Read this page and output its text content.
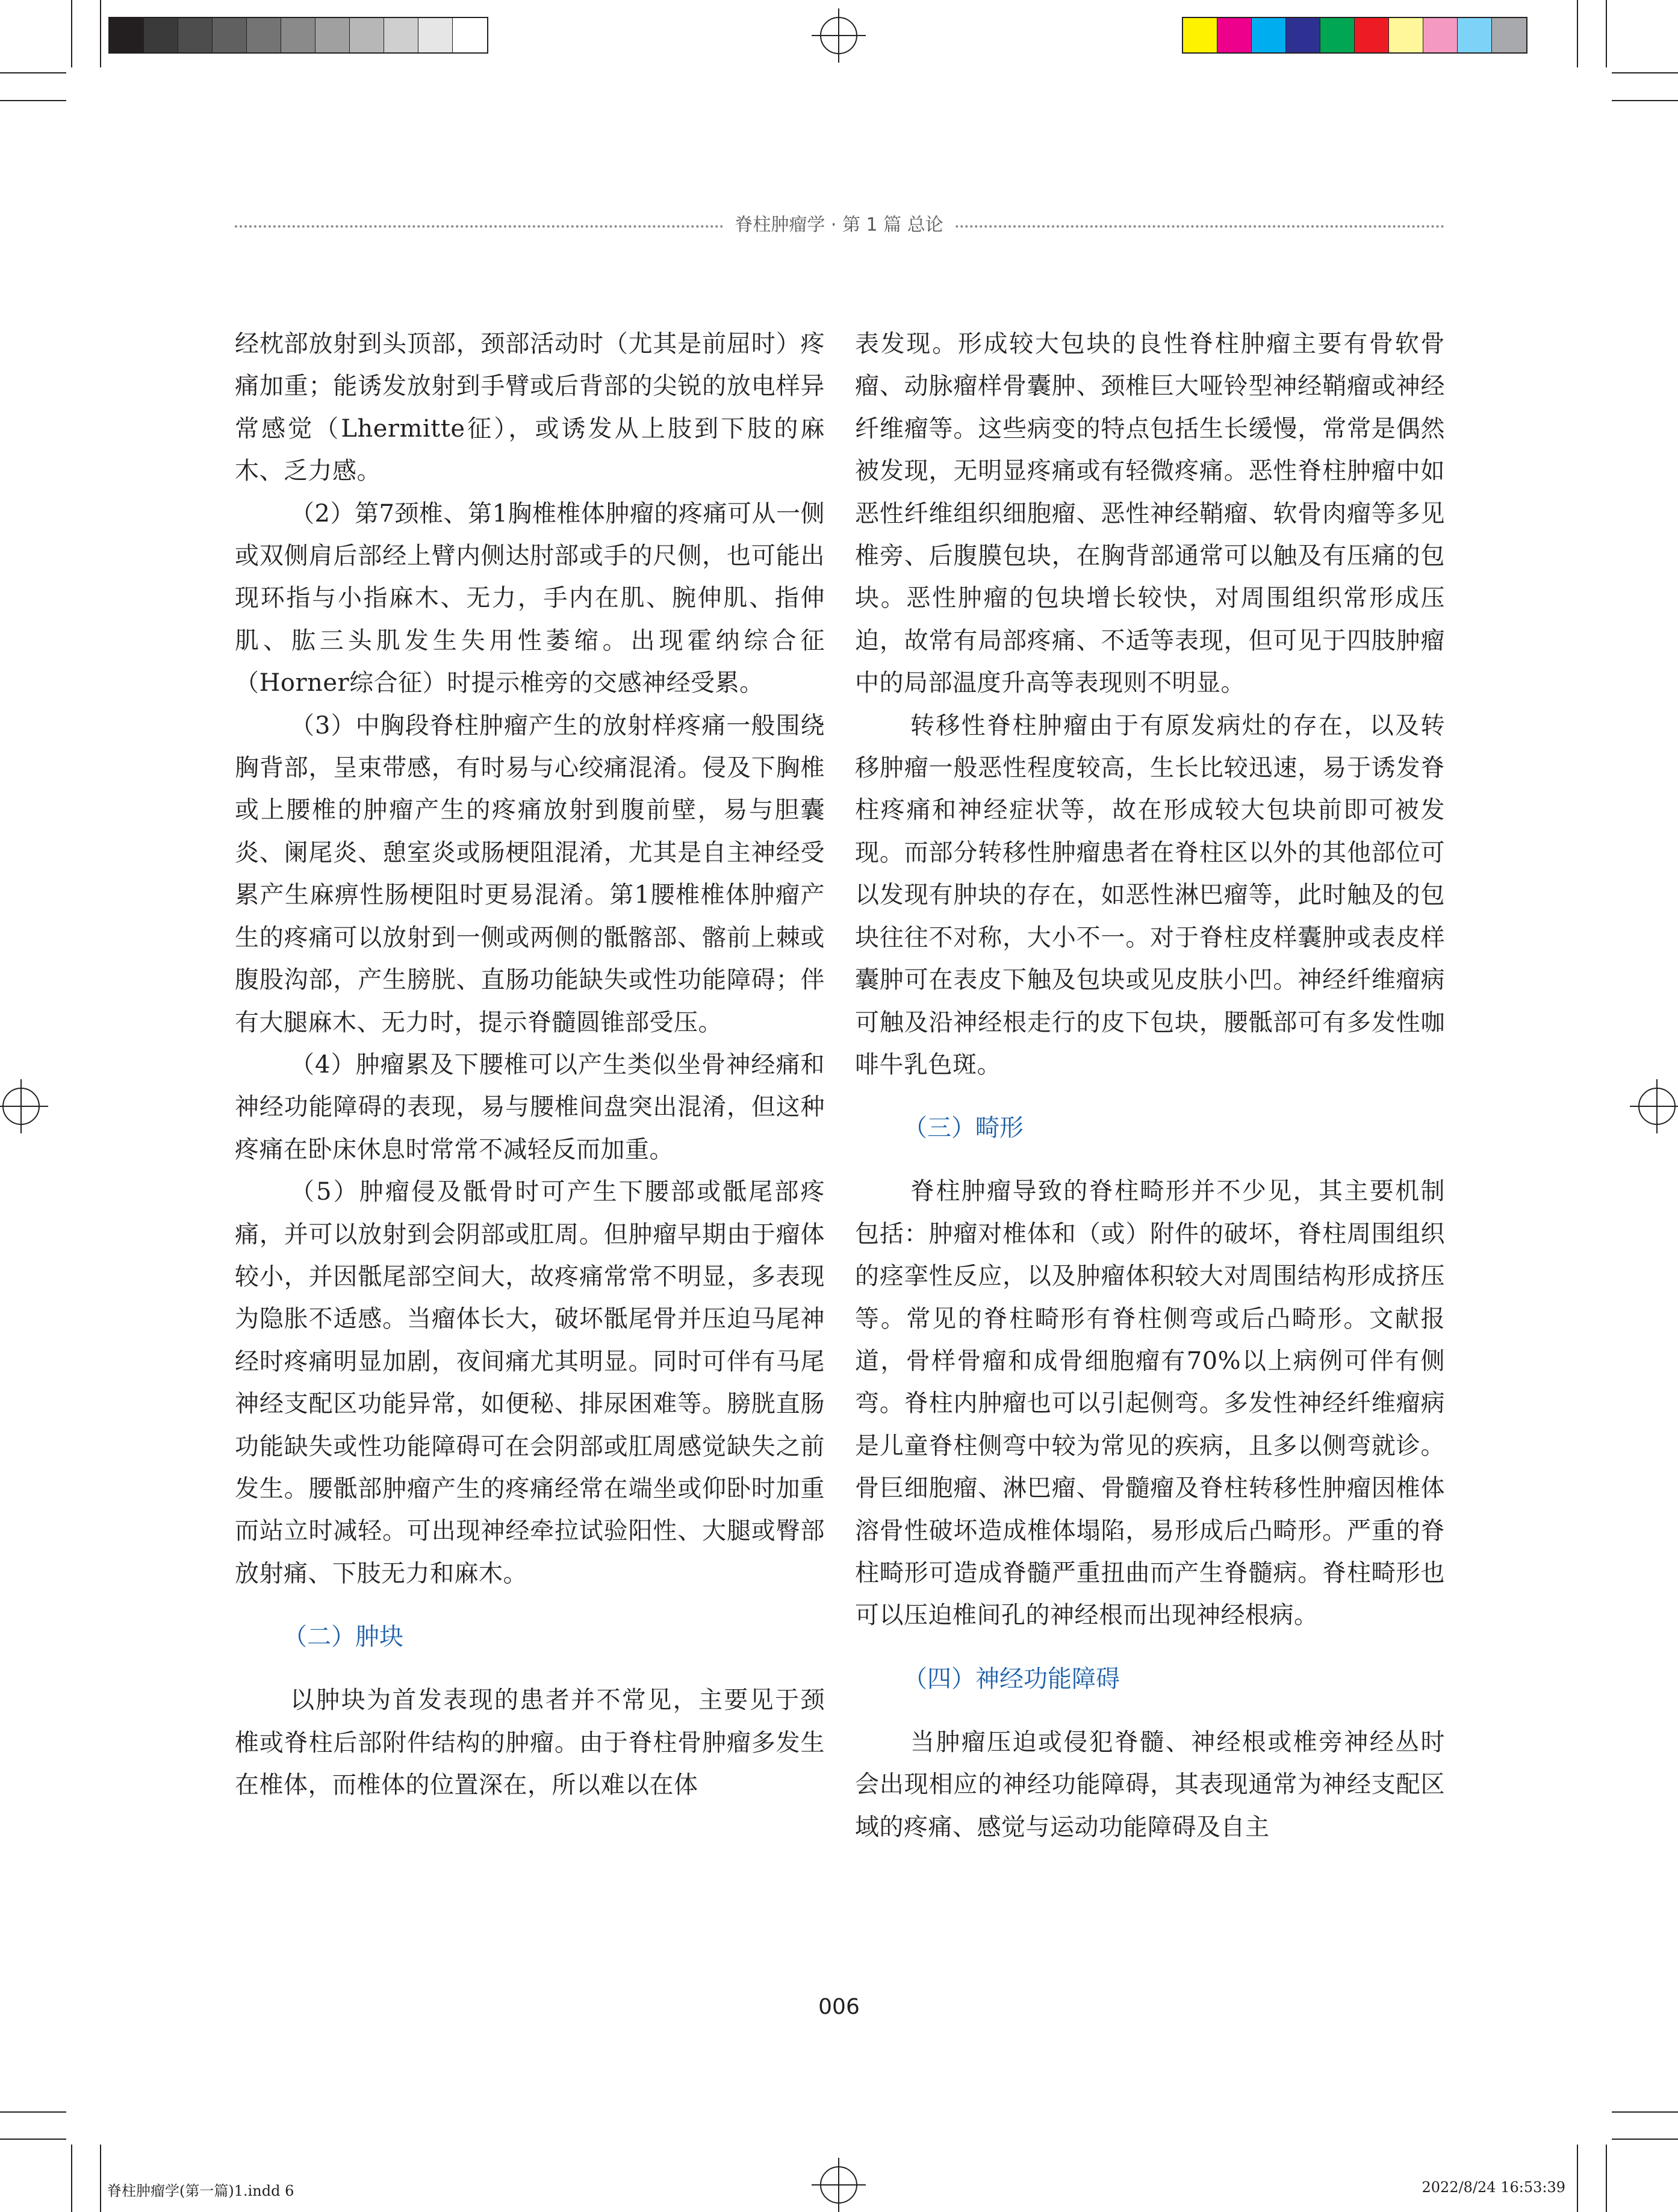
脊柱肿瘤学 · 第 1 篇 总论

经枕部放射到头顶部，颈部活动时（尤其是前屈时）疼痛加重；能诱发放射到手臂或后背部的尖锐的放电样异常感觉（Lhermitte征），或诱发从上肢到下肢的麻木、乏力感。

（2）第7颈椎、第1胸椎椎体肿瘤的疼痛可从一侧或双侧肩后部经上臂内侧达肘部或手的尺侧，也可能出现环指与小指麻木、无力，手内在肌、腕伸肌、指伸肌、肱三头肌发生失用性萎缩。出现霍纳综合征（Horner综合征）时提示椎旁的交感神经受累。

（3）中胸段脊柱肿瘤产生的放射样疼痛一般围绕胸背部，呈束带感，有时易与心绞痛混淆。侵及下胸椎或上腰椎的肿瘤产生的疼痛放射到腹前壁，易与胆囊炎、阑尾炎、憩室炎或肠梗阻混淆，尤其是自主神经受累产生麻痹性肠梗阻时更易混淆。第1腰椎椎体肿瘤产生的疼痛可以放射到一侧或两侧的骶髂部、髂前上棘或腹股沟部，产生膀胱、直肠功能缺失或性功能障碍；伴有大腿麻木、无力时，提示脊髓圆锥部受压。

（4）肿瘤累及下腰椎可以产生类似坐骨神经痛和神经功能障碍的表现，易与腰椎间盘突出混淆，但这种疼痛在卧床休息时常常不减轻反而加重。

（5）肿瘤侵及骶骨时可产生下腰部或骶尾部疼痛，并可以放射到会阴部或肛周。但肿瘤早期由于瘤体较小，并因骶尾部空间大，故疼痛常常不明显，多表现为隐胀不适感。当瘤体长大，破坏骶尾骨并压迫马尾神经时疼痛明显加剧，夜间痛尤其明显。同时可伴有马尾神经支配区功能异常，如便秘、排尿困难等。膀胱直肠功能缺失或性功能障碍可在会阴部或肛周感觉缺失之前发生。腰骶部肿瘤产生的疼痛经常在端坐或仰卧时加重而站立时减轻。可出现神经牵拉试验阳性、大腿或臀部放射痛、下肢无力和麻木。

（二）肿块

以肿块为首发表现的患者并不常见，主要见于颈椎或脊柱后部附件结构的肿瘤。由于脊柱骨肿瘤多发生在椎体，而椎体的位置深在，所以难以在体

表发现。形成较大包块的良性脊柱肿瘤主要有骨软骨瘤、动脉瘤样骨囊肿、颈椎巨大哑铃型神经鞘瘤或神经纤维瘤等。这些病变的特点包括生长缓慢，常常是偶然被发现，无明显疼痛或有轻微疼痛。恶性脊柱肿瘤中如恶性纤维组织细胞瘤、恶性神经鞘瘤、软骨肉瘤等多见椎旁、后腹膜包块，在胸背部通常可以触及有压痛的包块。恶性肿瘤的包块增长较快，对周围组织常形成压迫，故常有局部疼痛、不适等表现，但可见于四肢肿瘤中的局部温度升高等表现则不明显。

转移性脊柱肿瘤由于有原发病灶的存在，以及转移肿瘤一般恶性程度较高，生长比较迅速，易于诱发脊柱疼痛和神经症状等，故在形成较大包块前即可被发现。而部分转移性肿瘤患者在脊柱区以外的其他部位可以发现有肿块的存在，如恶性淋巴瘤等，此时触及的包块往往不对称，大小不一。对于脊柱皮样囊肿或表皮样囊肿可在表皮下触及包块或见皮肤小凹。神经纤维瘤病可触及沿神经根走行的皮下包块，腰骶部可有多发性咖啡牛乳色斑。

（三）畸形

脊柱肿瘤导致的脊柱畸形并不少见，其主要机制包括：肿瘤对椎体和（或）附件的破坏，脊柱周围组织的痉挛性反应，以及肿瘤体积较大对周围结构形成挤压等。常见的脊柱畸形有脊柱侧弯或后凸畸形。文献报道，骨样骨瘤和成骨细胞瘤有70%以上病例可伴有侧弯。脊柱内肿瘤也可以引起侧弯。多发性神经纤维瘤病是儿童脊柱侧弯中较为常见的疾病，且多以侧弯就诊。骨巨细胞瘤、淋巴瘤、骨髓瘤及脊柱转移性肿瘤因椎体溶骨性破坏造成椎体塌陷，易形成后凸畸形。严重的脊柱畸形可造成脊髓严重扭曲而产生脊髓病。脊柱畸形也可以压迫椎间孔的神经根而出现神经根病。

（四）神经功能障碍

当肿瘤压迫或侵犯脊髓、神经根或椎旁神经丛时会出现相应的神经功能障碍，其表现通常为神经支配区域的疼痛、感觉与运动功能障碍及自主

006
脊柱肿瘤学(第一篇)1.indd 6	2022/8/24 16:53:39
